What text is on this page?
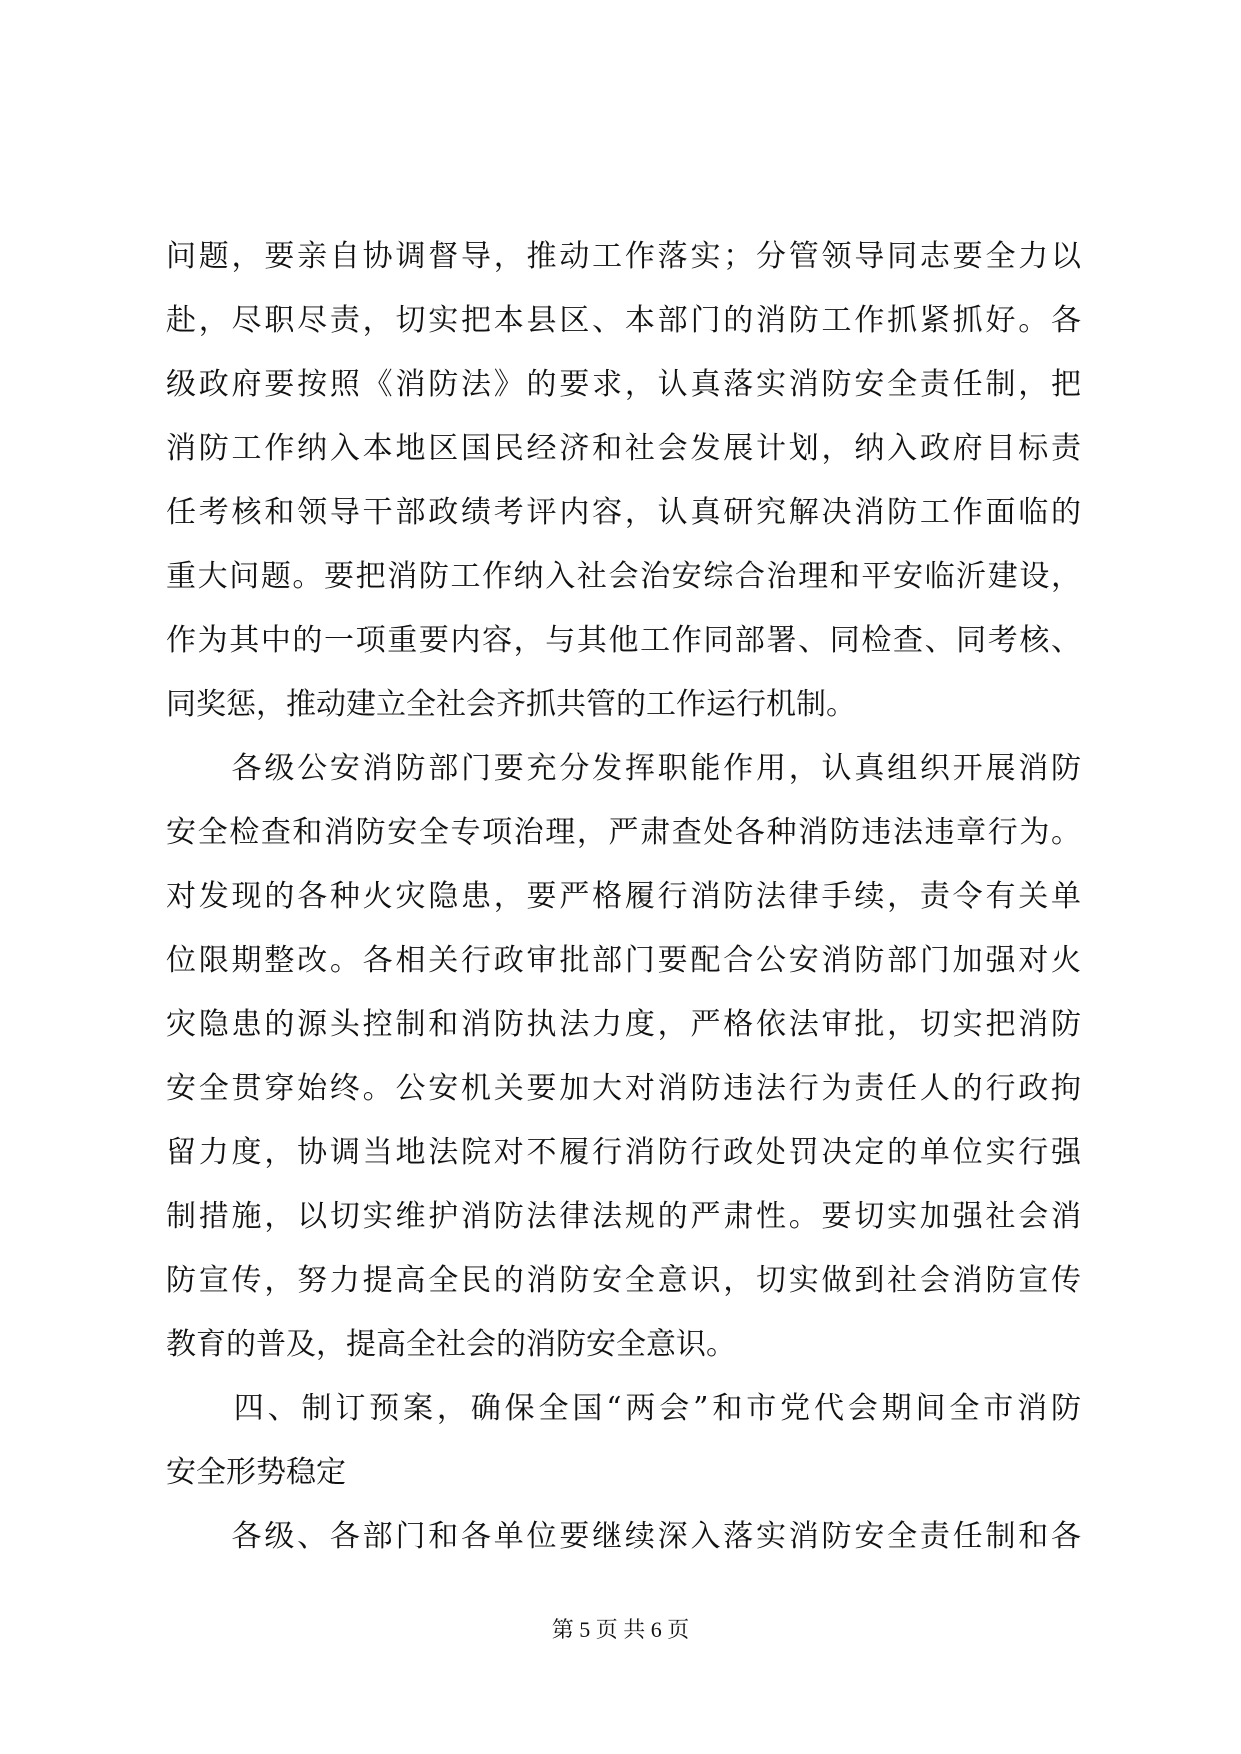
问题，要亲自协调督导，推动工作落实；分管领导同志要全力以
赴，尽职尽责，切实把本县区、本部门的消防工作抓紧抓好。各
级政府要按照《消防法》的要求，认真落实消防安全责任制，把
消防工作纳入本地区国民经济和社会发展计划，纳入政府目标责
任考核和领导干部政绩考评内容，认真研究解决消防工作面临的
重大问题。要把消防工作纳入社会治安综合治理和平安临沂建设，
作为其中的一项重要内容，与其他工作同部署、同检查、同考核、
同奖惩，推动建立全社会齐抓共管的工作运行机制。
　　各级公安消防部门要充分发挥职能作用，认真组织开展消防
安全检查和消防安全专项治理，严肃查处各种消防违法违章行为。
对发现的各种火灾隐患，要严格履行消防法律手续，责令有关单
位限期整改。各相关行政审批部门要配合公安消防部门加强对火
灾隐患的源头控制和消防执法力度，严格依法审批，切实把消防
安全贯穿始终。公安机关要加大对消防违法行为责任人的行政拘
留力度，协调当地法院对不履行消防行政处罚决定的单位实行强
制措施，以切实维护消防法律法规的严肃性。要切实加强社会消
防宣传，努力提高全民的消防安全意识，切实做到社会消防宣传
教育的普及，提高全社会的消防安全意识。
　　四、制订预案，确保全国“两会”和市党代会期间全市消防
安全形势稳定
　　各级、各部门和各单位要继续深入落实消防安全责任制和各
第 5 页 共 6 页
